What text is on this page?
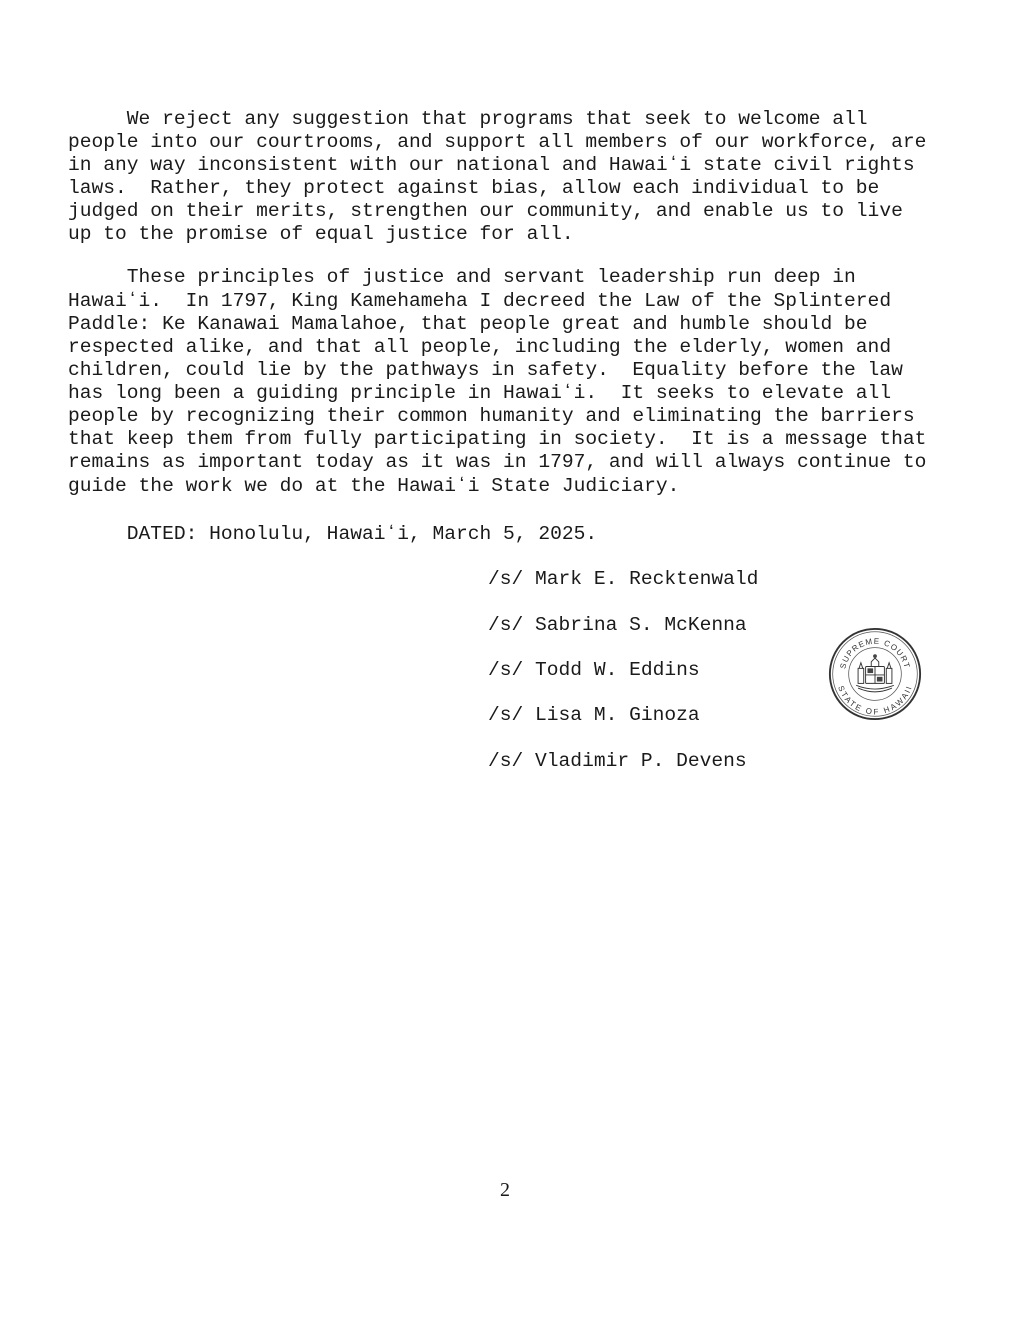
We reject any suggestion that programs that seek to welcome all

people into our courtrooms, and support all members of our workforce, are

in any way inconsistent with our national and Hawaiʻi state civil rights

laws.  Rather, they protect against bias, allow each individual to be

judged on their merits, strengthen our community, and enable us to live

up to the promise of equal justice for all.

These principles of justice and servant leadership run deep in

Hawaiʻi.  In 1797, King Kamehameha I decreed the Law of the Splintered

Paddle: Ke Kanawai Mamalahoe, that people great and humble should be

respected alike, and that all people, including the elderly, women and

children, could lie by the pathways in safety.  Equality before the law

has long been a guiding principle in Hawaiʻi.  It seeks to elevate all

people by recognizing their common humanity and eliminating the barriers

that keep them from fully participating in society.  It is a message that

remains as important today as it was in 1797, and will always continue to

guide the work we do at the Hawaiʻi State Judiciary.

DATED: Honolulu, Hawaiʻi, March 5, 2025.

/s/ Mark E. Recktenwald

/s/ Sabrina S. McKenna

/s/ Todd W. Eddins

/s/ Lisa M. Ginoza

/s/ Vladimir P. Devens

SUPREME COURT
STATE OF HAWAII
2
